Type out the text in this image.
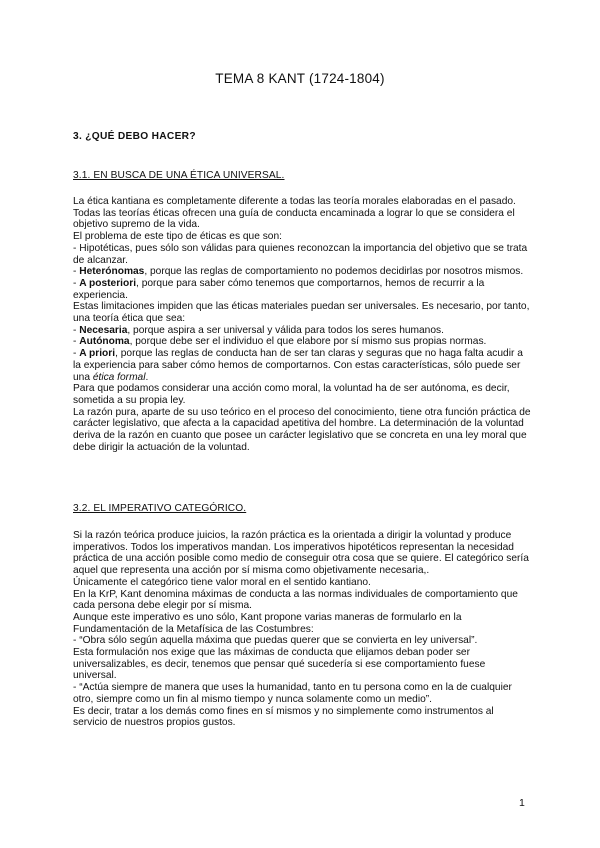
TEMA 8 KANT (1724-1804)
3. ¿QUÉ DEBO HACER?
3.1. EN BUSCA DE UNA ÉTICA UNIVERSAL.

La ética kantiana es completamente diferente a todas las teoría morales elaboradas en el pasado. Todas las teorías éticas ofrecen una guía de conducta encaminada a lograr lo que se considera el objetivo supremo de la vida.

El problema de este tipo de éticas es que son:

- Hipotéticas, pues sólo son válidas para quienes reconozcan la importancia del objetivo que se trata de alcanzar.

- Heterónomas, porque las reglas de comportamiento no podemos decidirlas por nosotros mismos.

- A posteriori, porque para saber cómo tenemos que comportarnos, hemos de recurrir a la experiencia.

Estas limitaciones impiden que las éticas materiales puedan ser universales. Es necesario, por tanto, una teoría ética que sea:

- Necesaria, porque aspira a ser universal y válida para todos los seres humanos.

- Autónoma, porque debe ser el individuo el que elabore por sí mismo sus propias normas.

- A priori, porque las reglas de conducta han de ser tan claras y seguras que no haga falta acudir a la experiencia para saber cómo hemos de comportarnos. Con estas características, sólo puede ser una ética formal.

Para que podamos considerar una acción como moral, la voluntad ha de ser autónoma, es decir, sometida a su propia ley.

La razón pura, aparte de su uso teórico en el proceso del conocimiento, tiene otra función práctica de carácter legislativo, que afecta a la capacidad apetitiva del hombre. La determinación de la voluntad deriva de la razón en cuanto que posee un carácter legislativo que se concreta en una ley moral que debe dirigir la actuación de la voluntad.

3.2. EL IMPERATIVO CATEGÓRICO.

Si la razón teórica produce juicios, la razón práctica es la orientada a dirigir la voluntad y produce imperativos. Todos los imperativos mandan. Los imperativos hipotéticos representan la necesidad práctica de una acción posible como medio de conseguir otra cosa que se quiere. El categórico sería aquel que representa una acción por sí misma como objetivamente necesaria,.

Únicamente el categórico tiene valor moral en el sentido kantiano.

En la KrP, Kant denomina máximas de conducta a las normas individuales de comportamiento que cada persona debe elegir por sí misma.

Aunque este imperativo es uno sólo, Kant propone varias maneras de formularlo en la Fundamentación de la Metafísica de las Costumbres:

- “Obra sólo según aquella máxima que puedas querer que se convierta en ley universal”.

Esta formulación nos exige que las máximas de conducta que elijamos deban poder ser universalizables, es decir, tenemos que pensar qué sucedería si ese comportamiento fuese universal.

- “Actúa siempre de manera que uses la humanidad, tanto en tu persona como en la de cualquier otro, siempre como un fin al mismo tiempo y nunca solamente como un medio”.

Es decir, tratar a los demás como fines en sí mismos y no simplemente como instrumentos al servicio de nuestros propios gustos.

1
